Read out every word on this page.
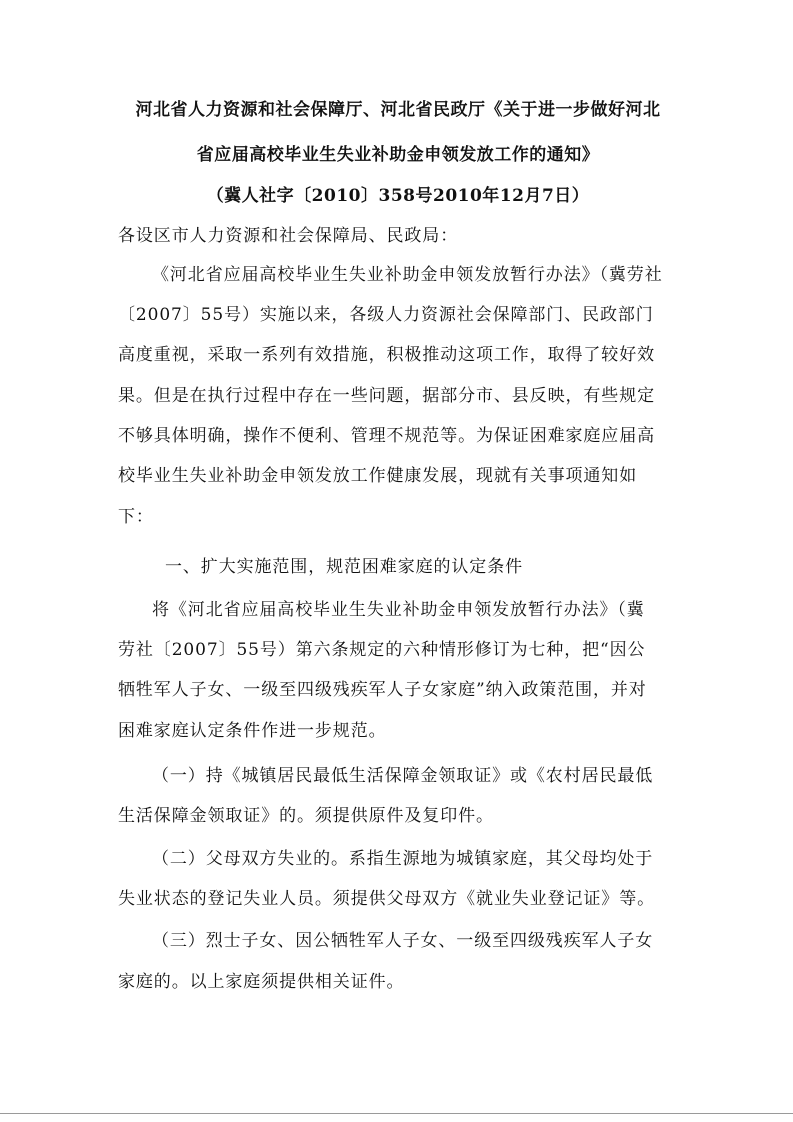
河北省人力资源和社会保障厅、河北省民政厅《关于进一步做好河北
省应届高校毕业生失业补助金申领发放工作的通知》
（冀人社字〔2010〕358号2010年12月7日）
各设区市人力资源和社会保障局、民政局：
《河北省应届高校毕业生失业补助金申领发放暂行办法》（冀劳社
〔2007〕55号）实施以来，各级人力资源社会保障部门、民政部门
高度重视，采取一系列有效措施，积极推动这项工作，取得了较好效
果。但是在执行过程中存在一些问题，据部分市、县反映，有些规定
不够具体明确，操作不便利、管理不规范等。为保证困难家庭应届高
校毕业生失业补助金申领发放工作健康发展，现就有关事项通知如
下：
一、扩大实施范围，规范困难家庭的认定条件
将《河北省应届高校毕业生失业补助金申领发放暂行办法》（冀
劳社〔2007〕55号）第六条规定的六种情形修订为七种，把“因公
牺牲军人子女、一级至四级残疾军人子女家庭”纳入政策范围，并对
困难家庭认定条件作进一步规范。
（一）持《城镇居民最低生活保障金领取证》或《农村居民最低
生活保障金领取证》的。须提供原件及复印件。
（二）父母双方失业的。系指生源地为城镇家庭，其父母均处于
失业状态的登记失业人员。须提供父母双方《就业失业登记证》等。
（三）烈士子女、因公牺牲军人子女、一级至四级残疾军人子女
家庭的。以上家庭须提供相关证件。
